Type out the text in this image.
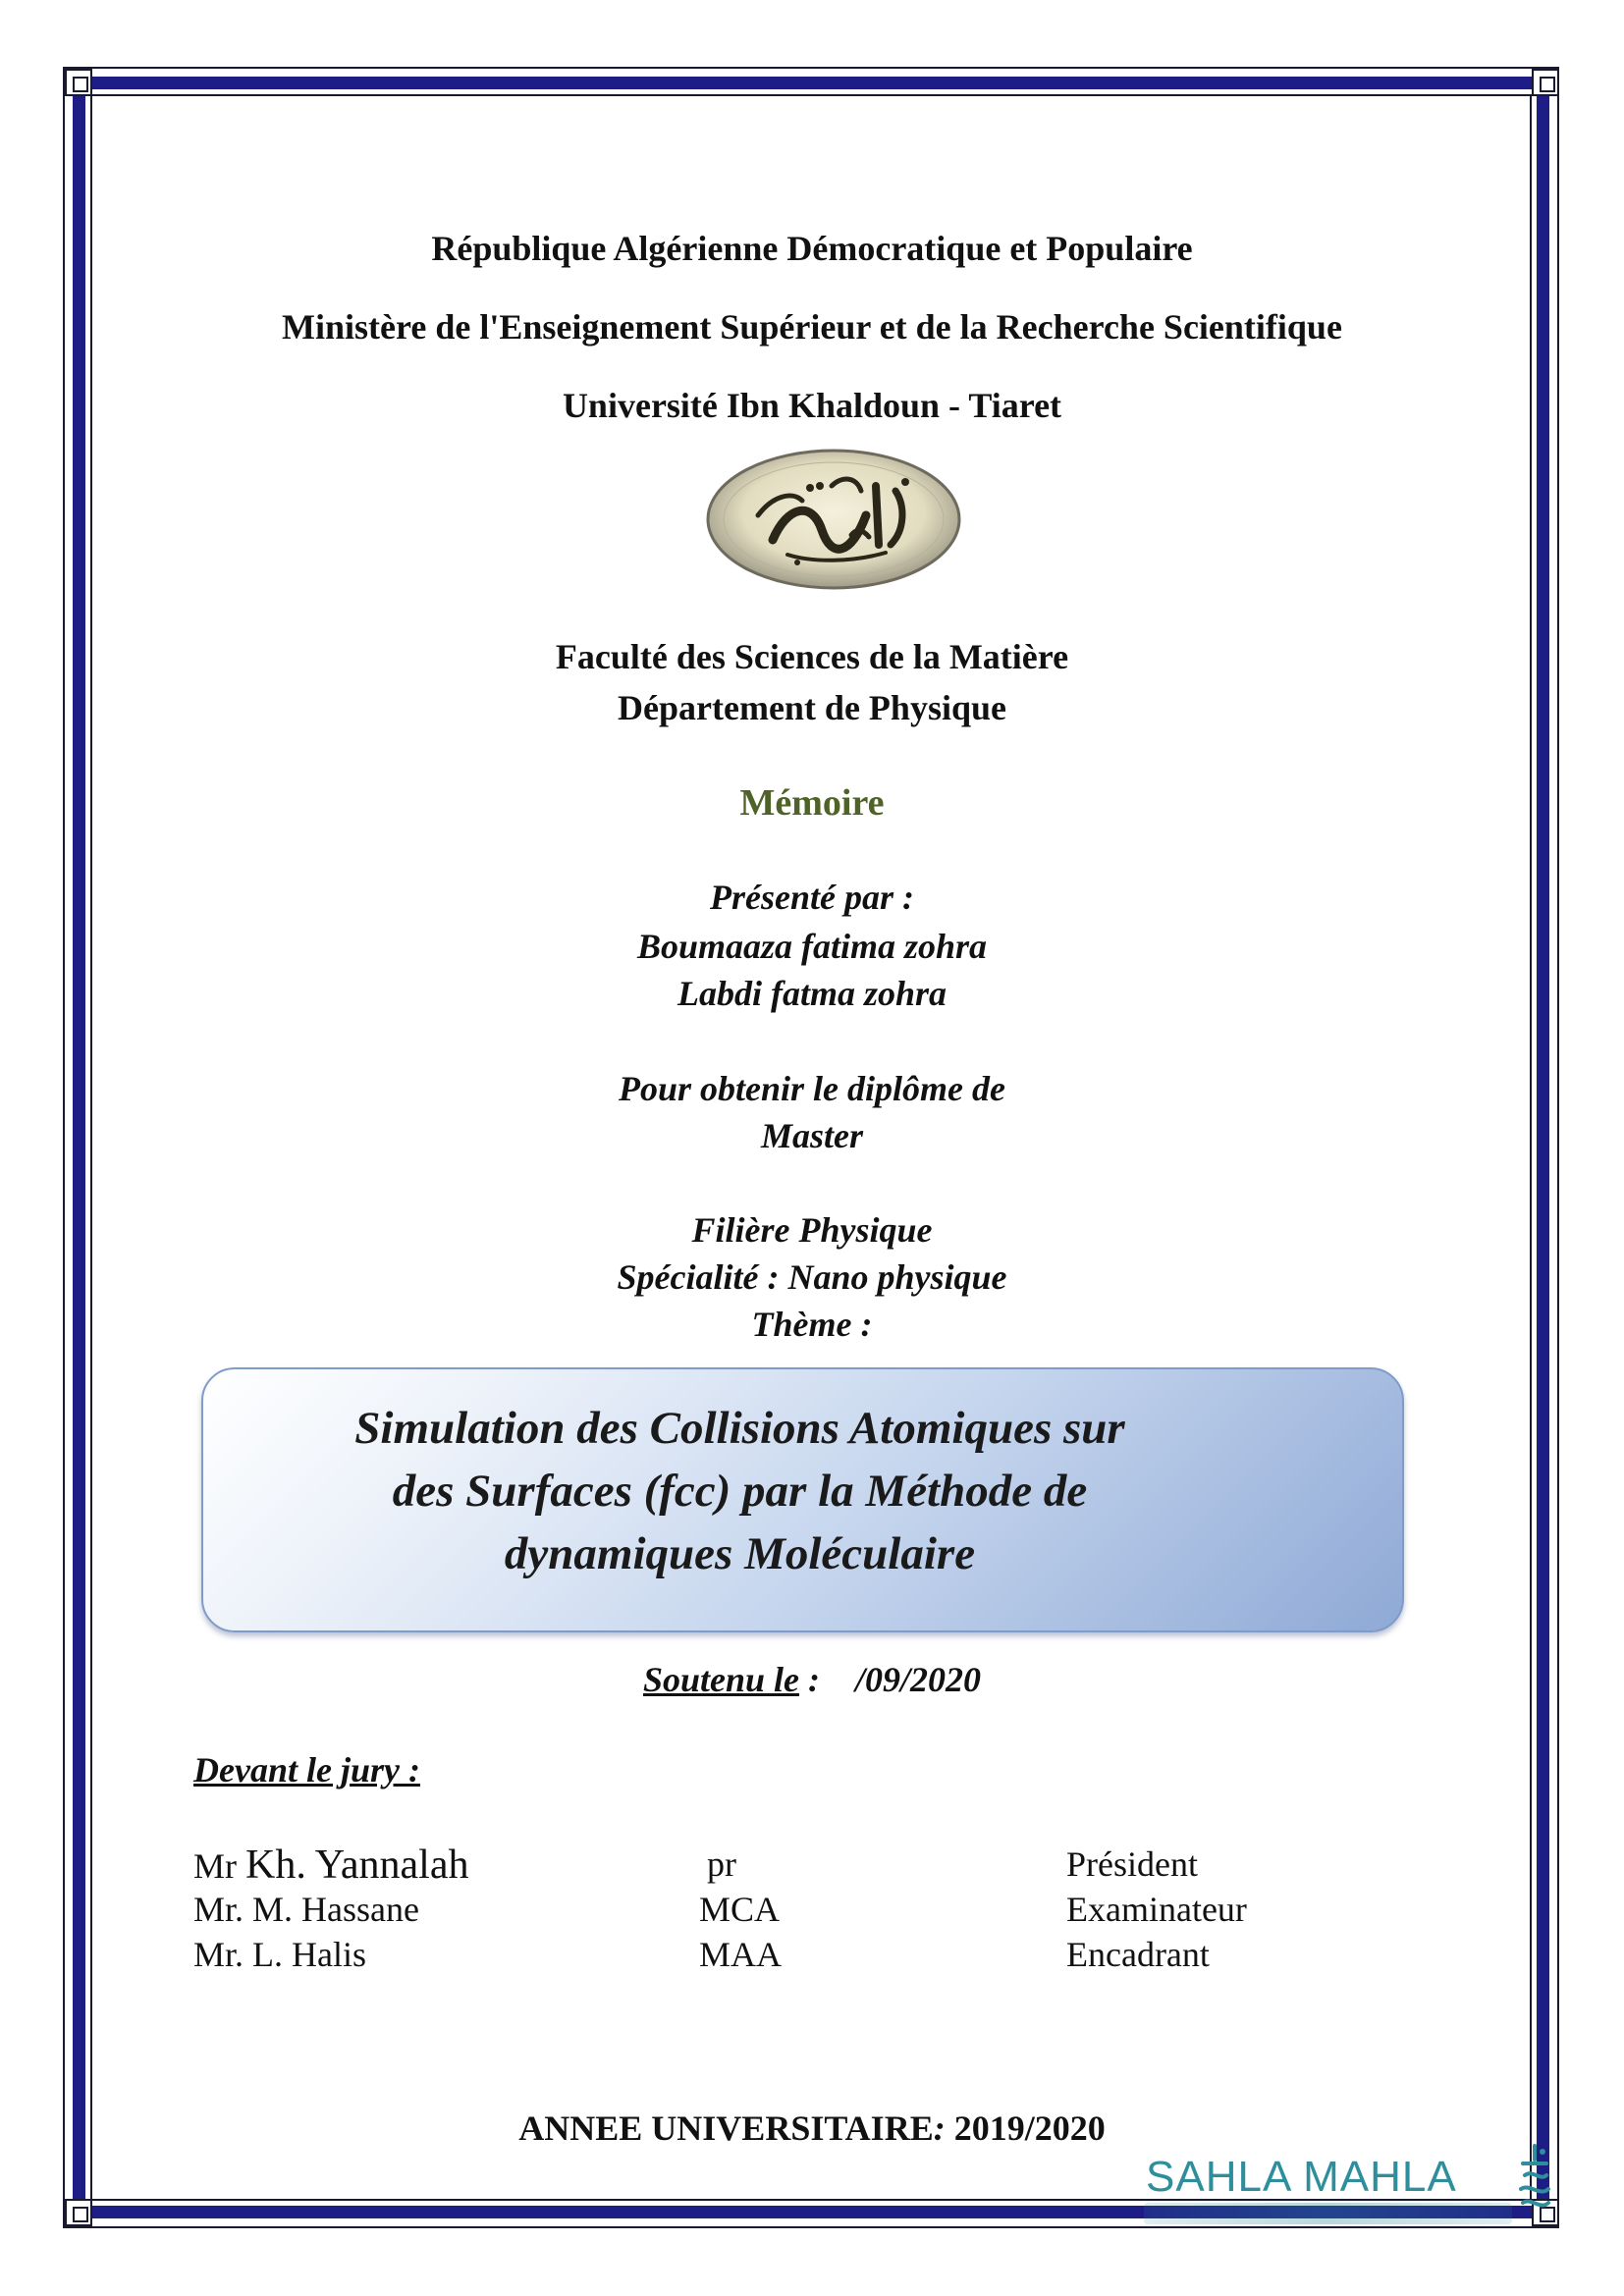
République Algérienne Démocratique et Populaire
Ministère de l'Enseignement Supérieur et de la Recherche Scientifique
Université Ibn Khaldoun - Tiaret
Faculté des Sciences de la Matière
Département de Physique
Mémoire
Présenté par :
Boumaaza fatima zohra
Labdi fatma zohra
Pour obtenir le diplôme de
Master
Filière Physique
Spécialité : Nano physique
Thème :
Simulation des Collisions Atomiques sur
des Surfaces (fcc) par la Méthode de
dynamiques Moléculaire
Soutenu le : /09/2020
Devant le jury :
Mr Kh. Yannalah	pr	Président
Mr. M. Hassane	MCA	Examinateur
Mr. L. Halis	MAA	Encadrant
ANNEE UNIVERSITAIRE: 2019/2020
SAHLA MAHLA
